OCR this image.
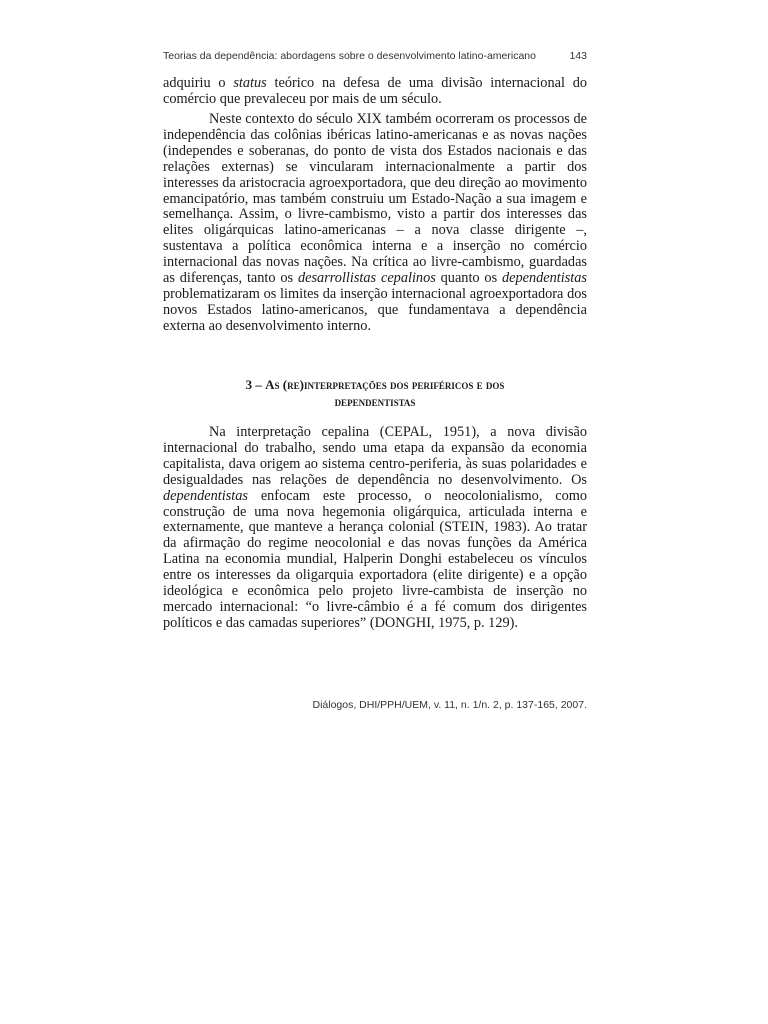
Teorias da dependência: abordagens sobre o desenvolvimento latino-americano	143

adquiriu o status teórico na defesa de uma divisão internacional do comércio que prevaleceu por mais de um século.

Neste contexto do século XIX também ocorreram os processos de independência das colônias ibéricas latino-americanas e as novas nações (independes e soberanas, do ponto de vista dos Estados nacionais e das relações externas) se vincularam internacionalmente a partir dos interesses da aristocracia agroexportadora, que deu direção ao movimento emancipatório, mas também construiu um Estado-Nação a sua imagem e semelhança. Assim, o livre-cambismo, visto a partir dos interesses das elites oligárquicas latino-americanas – a nova classe dirigente –, sustentava a política econômica interna e a inserção no comércio internacional das novas nações. Na crítica ao livre-cambismo, guardadas as diferenças, tanto os desarrollistas cepalinos quanto os dependentistas problematizaram os limites da inserção internacional agroexportadora dos novos Estados latino-americanos, que fundamentava a dependência externa ao desenvolvimento interno.

3 – As (re)interpretações dos periféricos e dos
dependentistas

Na interpretação cepalina (CEPAL, 1951), a nova divisão internacional do trabalho, sendo uma etapa da expansão da economia capitalista, dava origem ao sistema centro-periferia, às suas polaridades e desigualdades nas relações de dependência no desenvolvimento. Os dependentistas enfocam este processo, o neocolonialismo, como construção de uma nova hegemonia oligárquica, articulada interna e externamente, que manteve a herança colonial (STEIN, 1983). Ao tratar da afirmação do regime neocolonial e das novas funções da América Latina na economia mundial, Halperin Donghi estabeleceu os vínculos entre os interesses da oligarquia exportadora (elite dirigente) e a opção ideológica e econômica pelo projeto livre-cambista de inserção no mercado internacional: “o livre-câmbio é a fé comum dos dirigentes políticos e das camadas superiores” (DONGHI, 1975, p. 129).

Diálogos, DHI/PPH/UEM, v. 11, n. 1/n. 2, p. 137-165, 2007.
